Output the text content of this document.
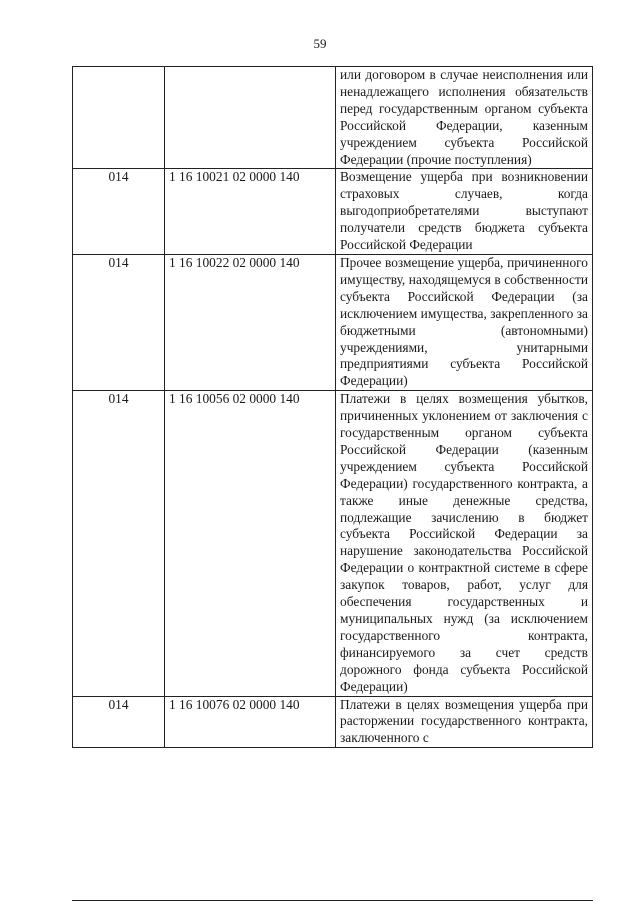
59
		или договором в случае неисполнения или ненадлежащего исполнения обязательств перед государственным органом субъекта Российской Федерации, казенным учреждением субъекта Российской Федерации (прочие поступления)
014	1 16 10021 02 0000 140	Возмещение ущерба при возникновении страховых случаев, когда выгодоприобретателями выступают получатели средств бюджета субъекта Российской Федерации
014	1 16 10022 02 0000 140	Прочее возмещение ущерба, причиненного имуществу, находящемуся в собственности субъекта Российской Федерации (за исключением имущества, закрепленного за бюджетными (автономными) учреждениями, унитарными предприятиями субъекта Российской Федерации)
014	1 16 10056 02 0000 140	Платежи в целях возмещения убытков, причиненных уклонением от заключения с государственным органом субъекта Российской Федерации (казенным учреждением субъекта Российской Федерации) государственного контракта, а также иные денежные средства, подлежащие зачислению в бюджет субъекта Российской Федерации за нарушение законодательства Российской Федерации о контрактной системе в сфере закупок товаров, работ, услуг для обеспечения государственных и муниципальных нужд (за исключением государственного контракта, финансируемого за счет средств дорожного фонда субъекта Российской Федерации)
014	1 16 10076 02 0000 140	Платежи в целях возмещения ущерба при расторжении государственного контракта, заключенного с
